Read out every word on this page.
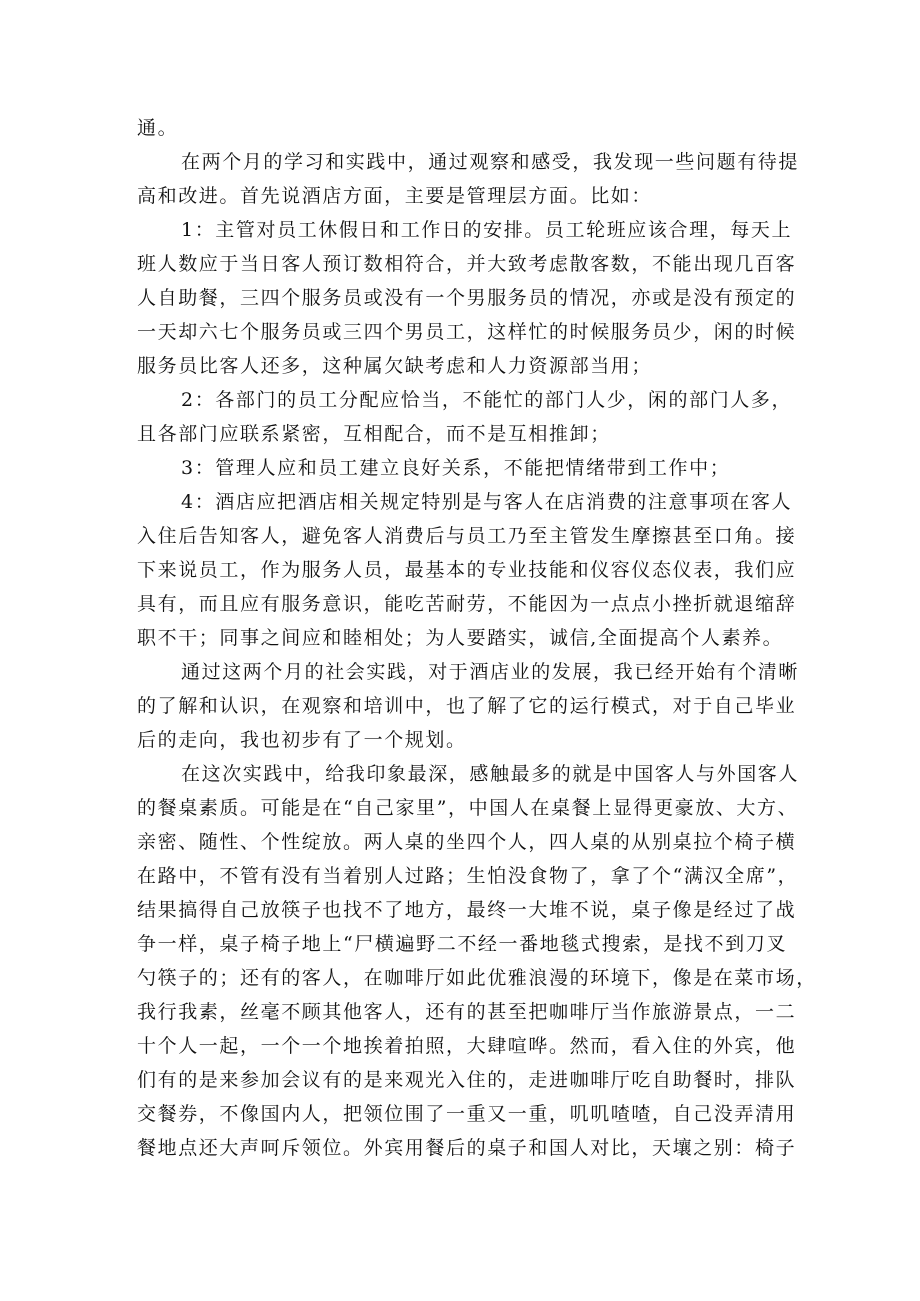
通。
在两个月的学习和实践中，通过观察和感受，我发现一些问题有待提
高和改进。首先说酒店方面，主要是管理层方面。比如：
1：主管对员工休假日和工作日的安排。员工轮班应该合理，每天上
班人数应于当日客人预订数相符合，并大致考虑散客数，不能出现几百客
人自助餐，三四个服务员或没有一个男服务员的情况，亦或是没有预定的
一天却六七个服务员或三四个男员工，这样忙的时候服务员少，闲的时候
服务员比客人还多，这种属欠缺考虑和人力资源部当用；
2：各部门的员工分配应恰当，不能忙的部门人少，闲的部门人多，
且各部门应联系紧密，互相配合，而不是互相推卸；
3：管理人应和员工建立良好关系，不能把情绪带到工作中；
4：酒店应把酒店相关规定特别是与客人在店消费的注意事项在客人
入住后告知客人，避免客人消费后与员工乃至主管发生摩擦甚至口角。接
下来说员工，作为服务人员，最基本的专业技能和仪容仪态仪表，我们应
具有，而且应有服务意识，能吃苦耐劳，不能因为一点点小挫折就退缩辞
职不干；同事之间应和睦相处；为人要踏实，诚信,全面提高个人素养。
通过这两个月的社会实践，对于酒店业的发展，我已经开始有个清晰
的了解和认识，在观察和培训中，也了解了它的运行模式，对于自己毕业
后的走向，我也初步有了一个规划。
在这次实践中，给我印象最深，感触最多的就是中国客人与外国客人
的餐桌素质。可能是在“自己家里”，中国人在桌餐上显得更豪放、大方、
亲密、随性、个性绽放。两人桌的坐四个人，四人桌的从别桌拉个椅子横
在路中，不管有没有当着别人过路；生怕没食物了，拿了个“满汉全席”，
结果搞得自己放筷子也找不了地方，最终一大堆不说，桌子像是经过了战
争一样，桌子椅子地上“尸横遍野二不经一番地毯式搜索，是找不到刀叉
勺筷子的；还有的客人，在咖啡厅如此优雅浪漫的环境下，像是在菜市场，
我行我素，丝毫不顾其他客人，还有的甚至把咖啡厅当作旅游景点，一二
十个人一起，一个一个地挨着拍照，大肆喧哗。然而，看入住的外宾，他
们有的是来参加会议有的是来观光入住的，走进咖啡厅吃自助餐时，排队
交餐券，不像国内人，把领位围了一重又一重，叽叽喳喳，自己没弄清用
餐地点还大声呵斥领位。外宾用餐后的桌子和国人对比，天壤之别：椅子
